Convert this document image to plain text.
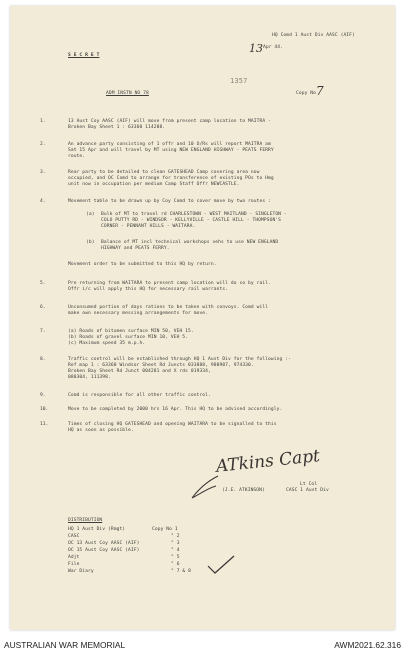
HQ Comd 1 Aust Div AASC (AIF)
13 Apr 44.
S E C R E T
1357
ADM INSTN NO 78	Copy No 7
1.	13 Aust Coy AASC (AIF) will move from present camp location to MAITRA -
Broken Bay Sheet 1 : 63360 114288.
2.	An advance party consisting of 1 offr and 10 O/Rs will report MAITRA am
Sat 15 Apr and will travel by MT using NEW ENGLAND HIGHWAY - PEATS FERRY
route.
3.	Rear party to be detailed to clean GATESHEAD Camp covering area now
occupied, and OC Comd to arrange for transference of existing POs to Hmg
unit now in occupation per medium Camp Staff Offr NEWCASTLE.
4.	Movement table to be drawn up by Coy Comd to cover move by two routes :
(a) Bulk of MT to travel rd CHARLESTOWN - WEST MAITLAND - SINGLETON -
COLO PUTTY RD - WINDSOR - KELLYVILLE - CASTLE HILL - THOMPSON'S
CORNER - PENNANT HILLS - WAITARA.
(b) Balance of MT incl technical workshops vehs to use NEW ENGLAND
HIGHWAY and PEATS FERRY.
Movement order to be submitted to this HQ by return.
5.	Pre returning from WAITARA to present camp location will do so by rail.
Offr i/c will apply this HQ for necessary rail warrants.
6.	Unconsumed portion of days rations to be taken with convoys. Comd will
make own necessary messing arrangements for move.
7.	(a) Roads of bitumen surface MIN 50, VEH 15.
(b) Roads of gravel surface MIN 10, VEH 5.
(c) Maximum speed 35 m.p.h.
8.	Traffic control will be established through HQ 1 Aust Div for the following :-
Ref map 1 : 63360 Windsor Sheet Rd Juncts 033888, 988907, 974330.
Broken Bay Sheet Rd Junct 004281 and X rds 019334,
080304, 111398.
9.	Comd is responsible for all other traffic control.
10.	Move to be completed by 2000 hrs 16 Apr. This HQ to be advised accordingly.
11.	Times of closing HQ GATESHEAD and opening WAITARA to be signalled to this
HQ as soon as possible.
ATkins Capt
Lt Col
(J.E. ATKINSON)	CASC 1 Aust Div
DISTRIBUTION
HQ 1 Aust Div (Rmgt)	Copy No 1
CASC	" 2
OC 13 Aust Coy AASC (AIF)	" 3
OC 15 Aust Coy AASC (AIF)	" 4
Adjt	" 5
File	" 6
War Diary	" 7 & 8
AUSTRALIAN WAR MEMORIAL	AWM2021.62.316
